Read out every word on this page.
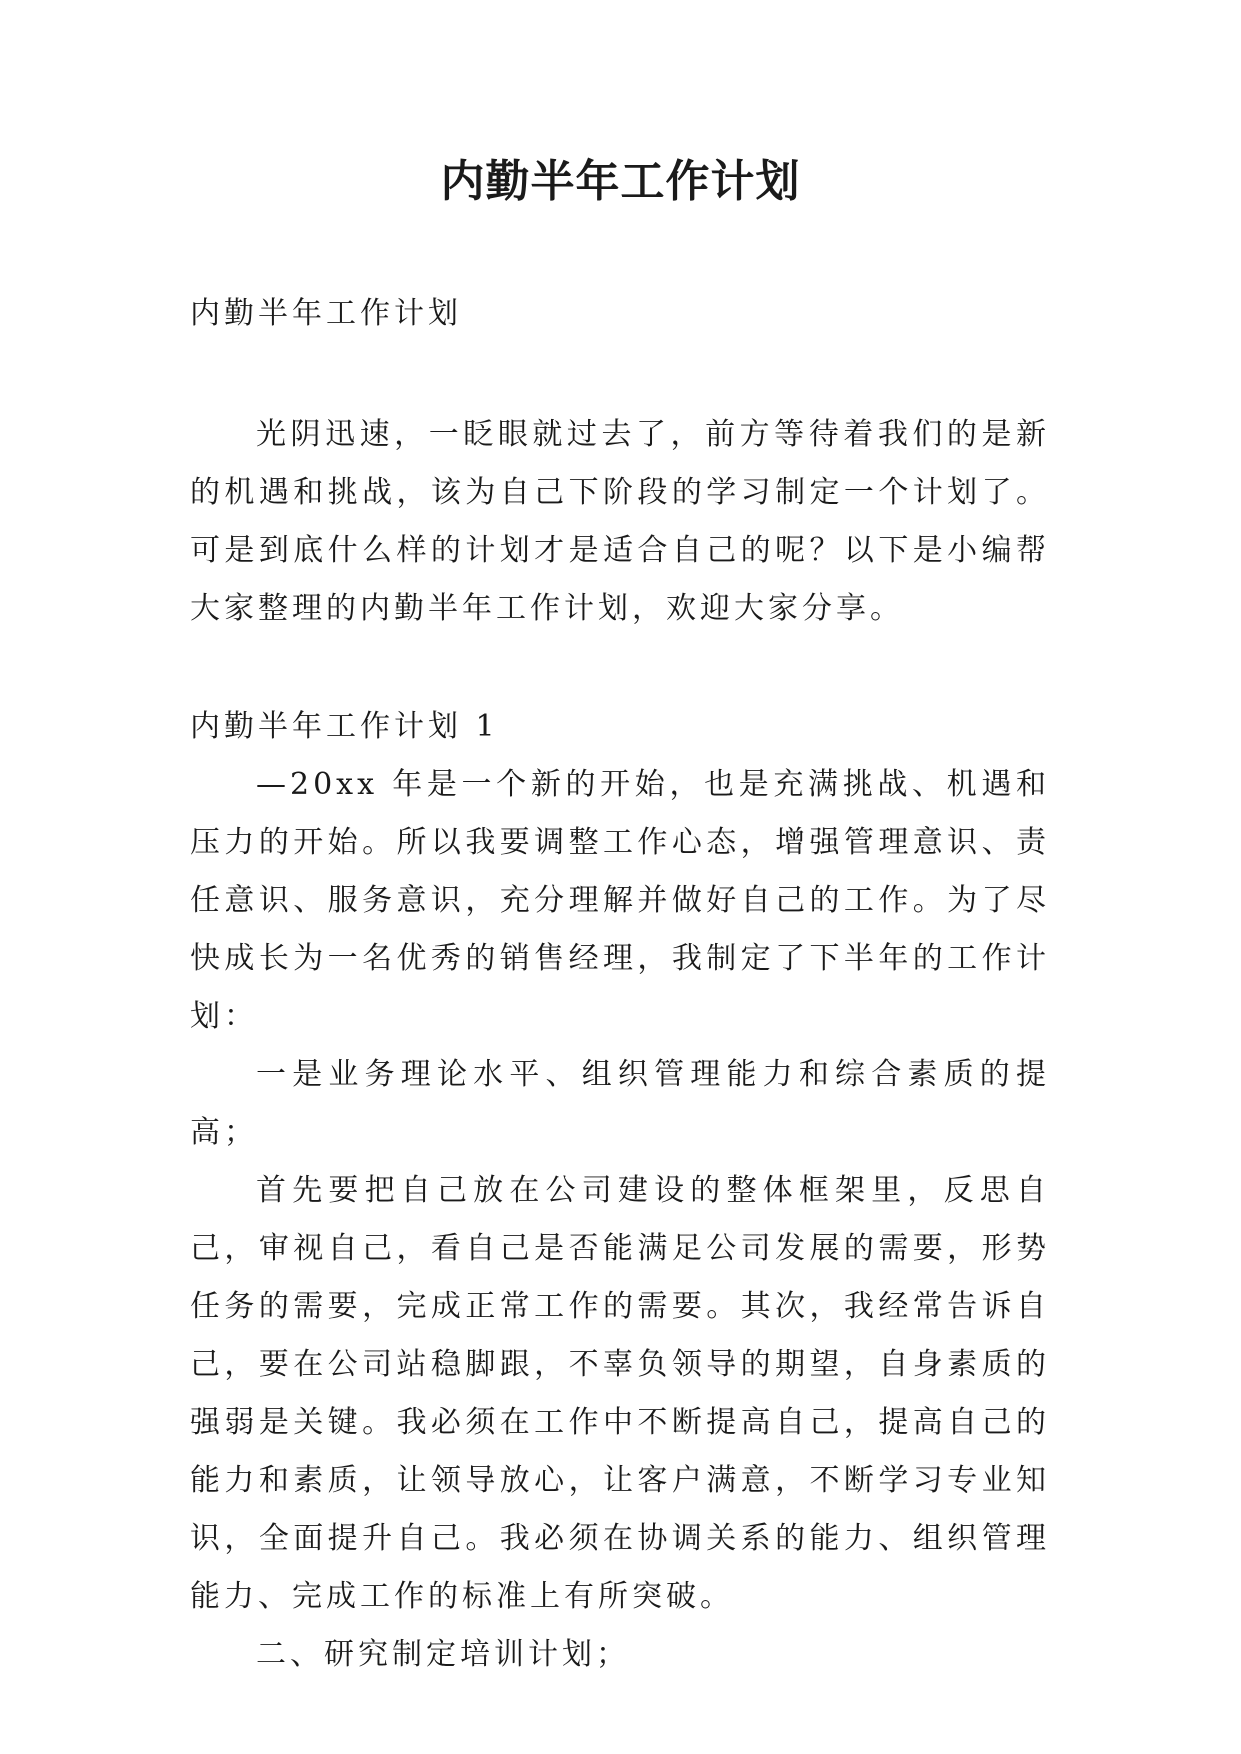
内勤半年工作计划

内勤半年工作计划

光阴迅速，一眨眼就过去了，前方等待着我们的是新的机遇和挑战，该为自己下阶段的学习制定一个计划了。可是到底什么样的计划才是适合自己的呢？以下是小编帮大家整理的内勤半年工作计划，欢迎大家分享。

内勤半年工作计划 1

—20xx 年是一个新的开始，也是充满挑战、机遇和压力的开始。所以我要调整工作心态，增强管理意识、责任意识、服务意识，充分理解并做好自己的工作。为了尽快成长为一名优秀的销售经理，我制定了下半年的工作计划：

一是业务理论水平、组织管理能力和综合素质的提高；

首先要把自己放在公司建设的整体框架里，反思自己，审视自己，看自己是否能满足公司发展的需要，形势任务的需要，完成正常工作的需要。其次，我经常告诉自己，要在公司站稳脚跟，不辜负领导的期望，自身素质的强弱是关键。我必须在工作中不断提高自己，提高自己的能力和素质，让领导放心，让客户满意，不断学习专业知识，全面提升自己。我必须在协调关系的能力、组织管理能力、完成工作的标准上有所突破。

二、研究制定培训计划；
